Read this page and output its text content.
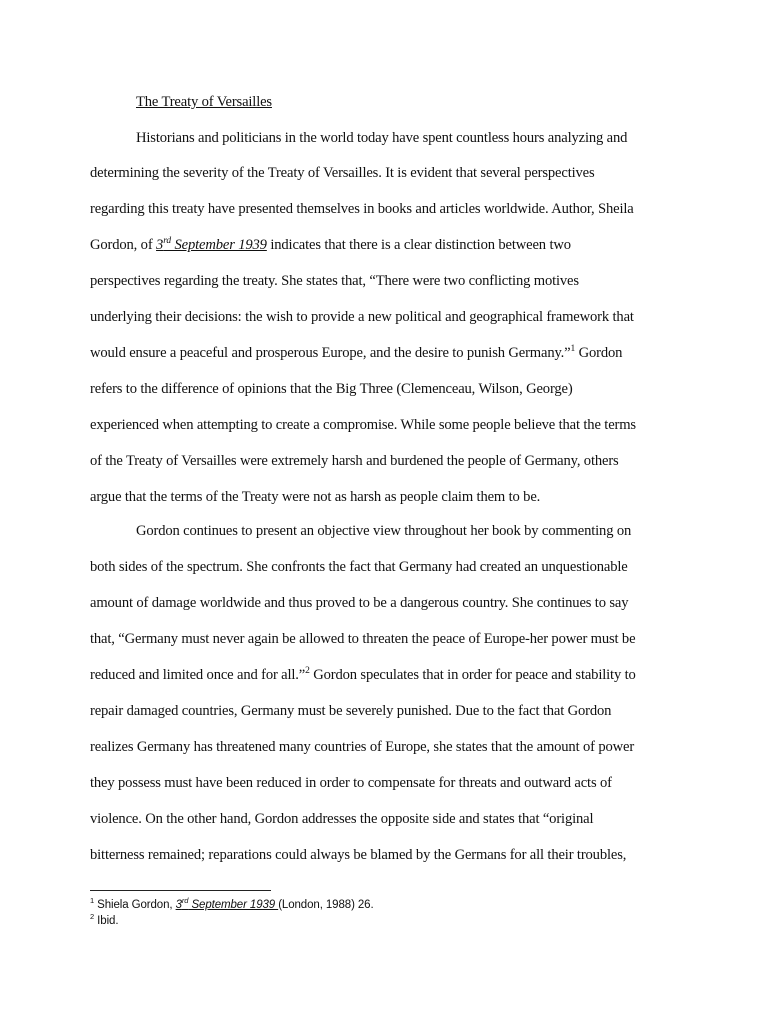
The Treaty of Versailles
Historians and politicians in the world today have spent countless hours analyzing and
determining the severity of the Treaty of Versailles. It is evident that several perspectives
regarding this treaty have presented themselves in books and articles worldwide. Author, Sheila
Gordon, of 3rd September 1939 indicates that there is a clear distinction between two
perspectives regarding the treaty. She states that, “There were two conflicting motives
underlying their decisions: the wish to provide a new political and geographical framework that
would ensure a peaceful and prosperous Europe, and the desire to punish Germany.”$^1$ Gordon
refers to the difference of opinions that the Big Three (Clemenceau, Wilson, George)
experienced when attempting to create a compromise. While some people believe that the terms
of the Treaty of Versailles were extremely harsh and burdened the people of Germany, others
argue that the terms of the Treaty were not as harsh as people claim them to be.
Gordon continues to present an objective view throughout her book by commenting on
both sides of the spectrum. She confronts the fact that Germany had created an unquestionable
amount of damage worldwide and thus proved to be a dangerous country. She continues to say
that, “Germany must never again be allowed to threaten the peace of Europe-her power must be
reduced and limited once and for all.”$^2$ Gordon speculates that in order for peace and stability to
repair damaged countries, Germany must be severely punished. Due to the fact that Gordon
realizes Germany has threatened many countries of Europe, she states that the amount of power
they possess must have been reduced in order to compensate for threats and outward acts of
violence. On the other hand, Gordon addresses the opposite side and states that “original
bitterness remained; reparations could always be blamed by the Germans for all their troubles,
$^1$ Shiela Gordon, 3rd September 1939 (London, 1988) 26.
$^2$ Ibid.
